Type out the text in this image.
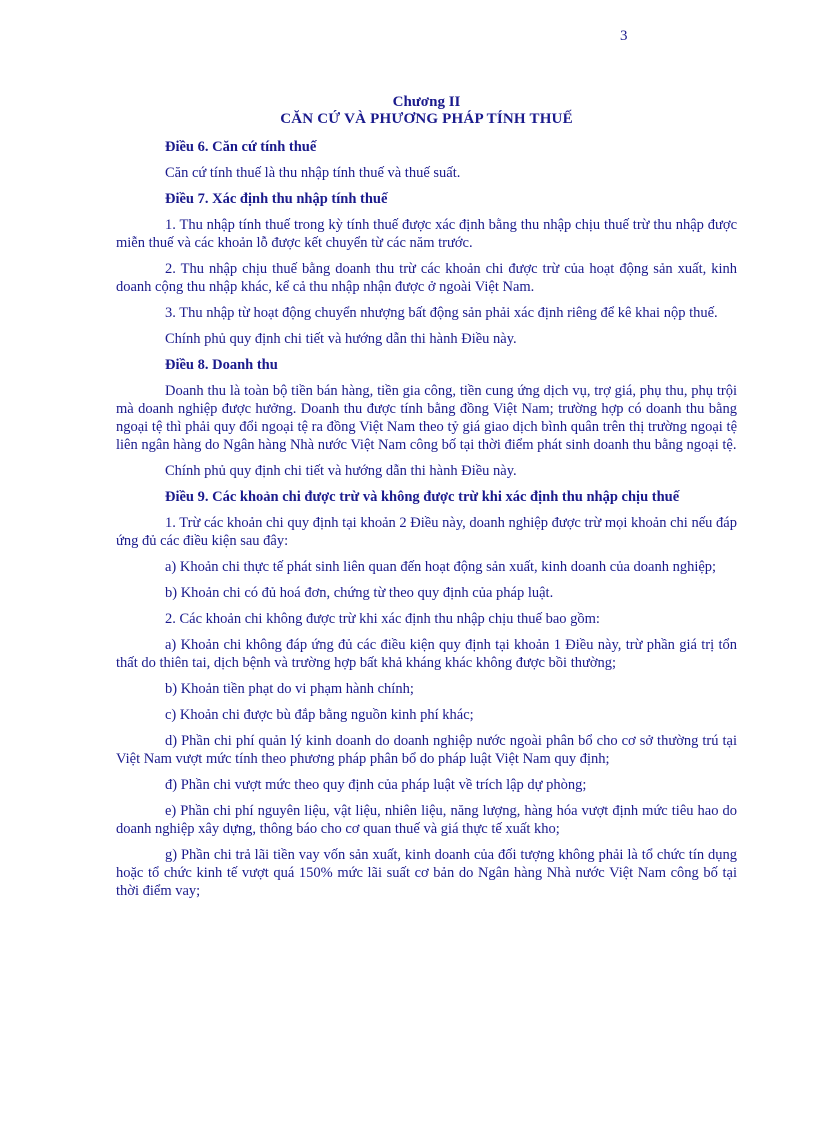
3
Chương II
CĂN CỨ VÀ PHƯƠNG PHÁP TÍNH THUẾ
Điều 6. Căn cứ tính thuế
Căn cứ tính thuế là thu nhập tính thuế và thuế suất.
Điều 7. Xác định thu nhập tính thuế
1. Thu nhập tính thuế trong kỳ tính thuế được xác định bằng thu nhập chịu thuế trừ thu nhập được miễn thuế và các khoản lỗ được kết chuyển từ các năm trước.
2. Thu nhập chịu thuế bằng doanh thu trừ các khoản chi được trừ của hoạt động sản xuất, kinh doanh cộng thu nhập khác, kể cả thu nhập nhận được ở ngoài Việt Nam.
3. Thu nhập từ hoạt động chuyển nhượng bất động sản phải xác định riêng để kê khai nộp thuế.
Chính phủ quy định chi tiết và hướng dẫn thi hành Điều này.
Điều 8. Doanh thu
Doanh thu là toàn bộ tiền bán hàng, tiền gia công, tiền cung ứng dịch vụ, trợ giá, phụ thu, phụ trội mà doanh nghiệp được hưởng. Doanh thu được tính bằng đồng Việt Nam; trường hợp có doanh thu bằng ngoại tệ thì phải quy đổi ngoại tệ ra đồng Việt Nam theo tỷ giá giao dịch bình quân trên thị trường ngoại tệ liên ngân hàng do Ngân hàng Nhà nước Việt Nam công bố tại thời điểm phát sinh doanh thu bằng ngoại tệ.
Chính phủ quy định chi tiết và hướng dẫn thi hành Điều này.
Điều 9. Các khoản chi được trừ và không được trừ khi xác định thu nhập chịu thuế
1. Trừ các khoản chi quy định tại khoản 2 Điều này, doanh nghiệp được trừ mọi khoản chi nếu đáp ứng đủ các điều kiện sau đây:
a) Khoản chi thực tế phát sinh liên quan đến hoạt động sản xuất, kinh doanh của doanh nghiệp;
b) Khoản chi có đủ hoá đơn, chứng từ theo quy định của pháp luật.
2. Các khoản chi không được trừ khi xác định thu nhập chịu thuế bao gồm:
a) Khoản chi không đáp ứng đủ các điều kiện quy định tại khoản 1 Điều này, trừ phần giá trị tổn thất do thiên tai, dịch bệnh và trường hợp bất khả kháng khác không được bồi thường;
b) Khoản tiền phạt do vi phạm hành chính;
c) Khoản chi được bù đắp bằng nguồn kinh phí khác;
d) Phần chi phí quản lý kinh doanh do doanh nghiệp nước ngoài phân bổ cho cơ sở thường trú tại Việt Nam vượt mức tính theo phương pháp phân bổ do pháp luật Việt Nam quy định;
đ) Phần chi vượt mức theo quy định của pháp luật về trích lập dự phòng;
e) Phần chi phí nguyên liệu, vật liệu, nhiên liệu, năng lượng, hàng hóa vượt định mức tiêu hao do doanh nghiệp xây dựng, thông báo cho cơ quan thuế và giá thực tế xuất kho;
g) Phần chi trả lãi tiền vay vốn sản xuất, kinh doanh của đối tượng không phải là tổ chức tín dụng hoặc tổ chức kinh tế vượt quá 150% mức lãi suất cơ bản do Ngân hàng Nhà nước Việt Nam công bố tại thời điểm vay;
